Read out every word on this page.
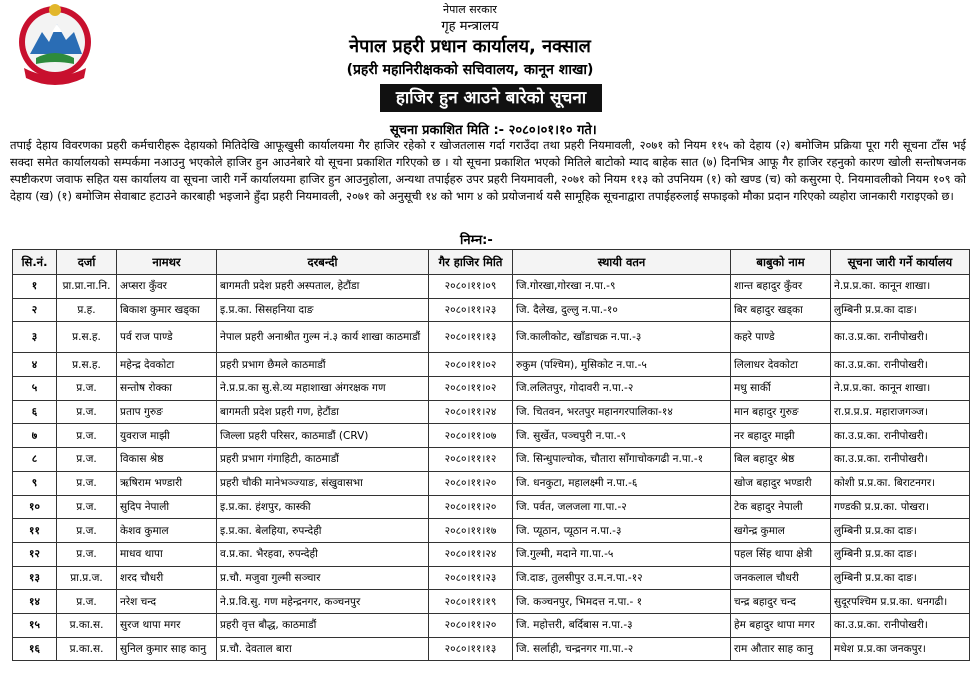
नेपाल सरकार
गृह मन्त्रालय
नेपाल प्रहरी प्रधान कार्यालय, नक्साल
(प्रहरी महानिरीक्षकको सचिवालय, कानून शाखा)
हाजिर हुन आउने बारेको सूचना
सूचना प्रकाशित मिति :- २०८०।०१।१० गते।
तपाई देहाय विवरणका प्रहरी कर्मचारीहरू देहायको मितिदेखि आफूखुसी कार्यालयमा गैर हाजिर रहेको र खोजतलास गर्दा गराउँदा तथा प्रहरी नियमावली, २०७१ को नियम ११५ को देहाय (२) बमोजिम प्रक्रिया पूरा गरी सूचना टाँस भई सक्दा समेत कार्यालयको सम्पर्कमा नआउनु भएकोले हाजिर हुन आउनेबारे यो सूचना प्रकाशित गरिएको छ । यो सूचना प्रकाशित भएको मितिले बाटोको म्याद बाहेक सात (७) दिनभित्र आफू गैर हाजिर रहनुको कारण खोली सन्तोषजनक स्पष्टीकरण जवाफ सहित यस कार्यालय वा सूचना जारी गर्ने कार्यालयमा हाजिर हुन आउनुहोला, अन्यथा तपाईहरु उपर प्रहरी नियमावली, २०७१ को नियम ११३ को उपनियम (१) को खण्ड (च) को कसुरमा ऐ. नियमावलीको नियम १०९ को देहाय (ख) (१) बमोजिम सेवाबाट हटाउने कारबाही भइजाने हुँदा प्रहरी नियमावली, २०७१ को अनुसूची १४ को भाग ४ को प्रयोजनार्थ यसै सामूहिक सूचनाद्वारा तपाईहरुलाई सफाइको मौका प्रदान गरिएको व्यहोरा जानकारी गराइएको छ।
निम्न:-
सि.नं.	दर्जा	नामथर	दरबन्दी	गैर हाजिर मिति	स्थायी वतन	बाबुको नाम	सूचना जारी गर्ने कार्यालय
१	प्रा.प्रा.ना.नि.	अप्सरा कुँवर	बागमती प्रदेश प्रहरी अस्पताल, हेटौंडा	२०८०।११।०९	जि.गोरखा,गोरखा न.पा.-९	शान्त बहादुर कुँवर	ने.प्र.प्र.का. कानून शाखा।
२	प्र.ह.	बिकाश कुमार खड्का	इ.प्र.का. सिसहनिया दाङ	२०८०।११।२३	जि. दैलेख, दुल्लु न.पा.-१०	बिर बहादुर खड्का	लुम्बिनी प्र.प्र.का दाङ।
३	प्र.स.ह.	पर्व राज पाण्डे	नेपाल प्रहरी अनाश्रीत गुल्म नं.३ कार्य शाखा काठमाडौं	२०८०।११।१३	जि.कालीकोट, खाँडाचक्र न.पा.-३	कहरे पाण्डे	का.उ.प्र.का. रानीपोखरी।
४	प्र.स.ह.	महेन्द्र देवकोटा	प्रहरी प्रभाग छैमले काठमाडौं	२०८०।११।०२	रुकुम (पश्चिम), मुसिकोट न.पा.-५	लिलाधर देवकोटा	का.उ.प्र.का. रानीपोखरी।
५	प्र.ज.	सन्तोष रोक्का	ने.प्र.प्र.का सु.से.व्य महाशाखा अंगरक्षक गण	२०८०।११।०२	जि.ललितपुर, गोदावरी न.पा.-२	मधु सार्की	ने.प्र.प्र.का. कानून शाखा।
६	प्र.ज.	प्रताप गुरुङ	बागमती प्रदेश प्रहरी गण, हेटौंडा	२०८०।११।२४	जि. चितवन, भरतपुर महानगरपालिका-१४	मान बहादुर गुरुङ	रा.प्र.प्र.प्र. महाराजगञ्ज।
७	प्र.ज.	युवराज माझी	जिल्ला प्रहरी परिसर, काठमाडौं (CRV)	२०८०।११।०७	जि. सुर्खेत, पञ्चपुरी न.पा.-९	नर बहादुर माझी	का.उ.प्र.का. रानीपोखरी।
८	प्र.ज.	विकास श्रेष्ठ	प्रहरी प्रभाग गंगाहिटी, काठमाडौं	२०८०।११।१२	जि. सिन्धुपाल्चोक, चौतारा साँगाचोकगढी न.पा.-१	बिल बहादुर श्रेष्ठ	का.उ.प्र.का. रानीपोखरी।
९	प्र.ज.	ऋषिराम भण्डारी	प्रहरी चौकी मानेभञ्ज्याङ, संखुवासभा	२०८०।११।२०	जि. धनकुटा, महालक्ष्मी न.पा.-६	खोज बहादुर भण्डारी	कोशी प्र.प्र.का. बिराटनगर।
१०	प्र.ज.	सुदिप नेपाली	इ.प्र.का. हंशपुर, कास्की	२०८०।११।२०	जि. पर्वत, जलजला गा.पा.-२	टेक बहादुर नेपाली	गण्डकी प्र.प्र.का. पोखरा।
११	प्र.ज.	केशव कुमाल	इ.प्र.का. बेलहिया, रुपन्देही	२०८०।११।१७	जि. प्यूठान, प्यूठान न.पा.-३	खगेन्द्र कुमाल	लुम्बिनी प्र.प्र.का दाङ।
१२	प्र.ज.	माधव थापा	व.प्र.का. भैरहवा, रुपन्देही	२०८०।११।२४	जि.गुल्मी, मदाने गा.पा.-५	पहल सिंह थापा क्षेत्री	लुम्बिनी प्र.प्र.का दाङ।
१३	प्रा.प्र.ज.	शरद चौधरी	प्र.चौ. मजुवा गुल्मी सञ्चार	२०८०।११।२३	जि.दाङ, तुलसीपुर उ.म.न.पा.-१२	जनकलाल चौधरी	लुम्बिनी प्र.प्र.का दाङ।
१४	प्र.ज.	नरेश चन्द	ने.प्र.वि.सु. गण महेन्द्रनगर, कञ्चनपुर	२०८०।११।१९	जि. कञ्चनपुर, भिमदत्त न.पा.- १	चन्द्र बहादुर चन्द	सुदूरपश्चिम प्र.प्र.का. धनगढी।
१५	प्र.का.स.	सुरज थापा मगर	प्रहरी वृत्त बौद्ध, काठमाडौं	२०८०।११।२०	जि. महोत्तरी, बर्दिबास न.पा.-३	हेम बहादुर थापा मगर	का.उ.प्र.का. रानीपोखरी।
१६	प्र.का.स.	सुनिल कुमार साह कानु	प्र.चौ. देवताल बारा	२०८०।११।१३	जि. सर्लाही, चन्द्रनगर गा.पा.-२	राम औतार साह कानु	मधेश प्र.प्र.का जनकपुर।
